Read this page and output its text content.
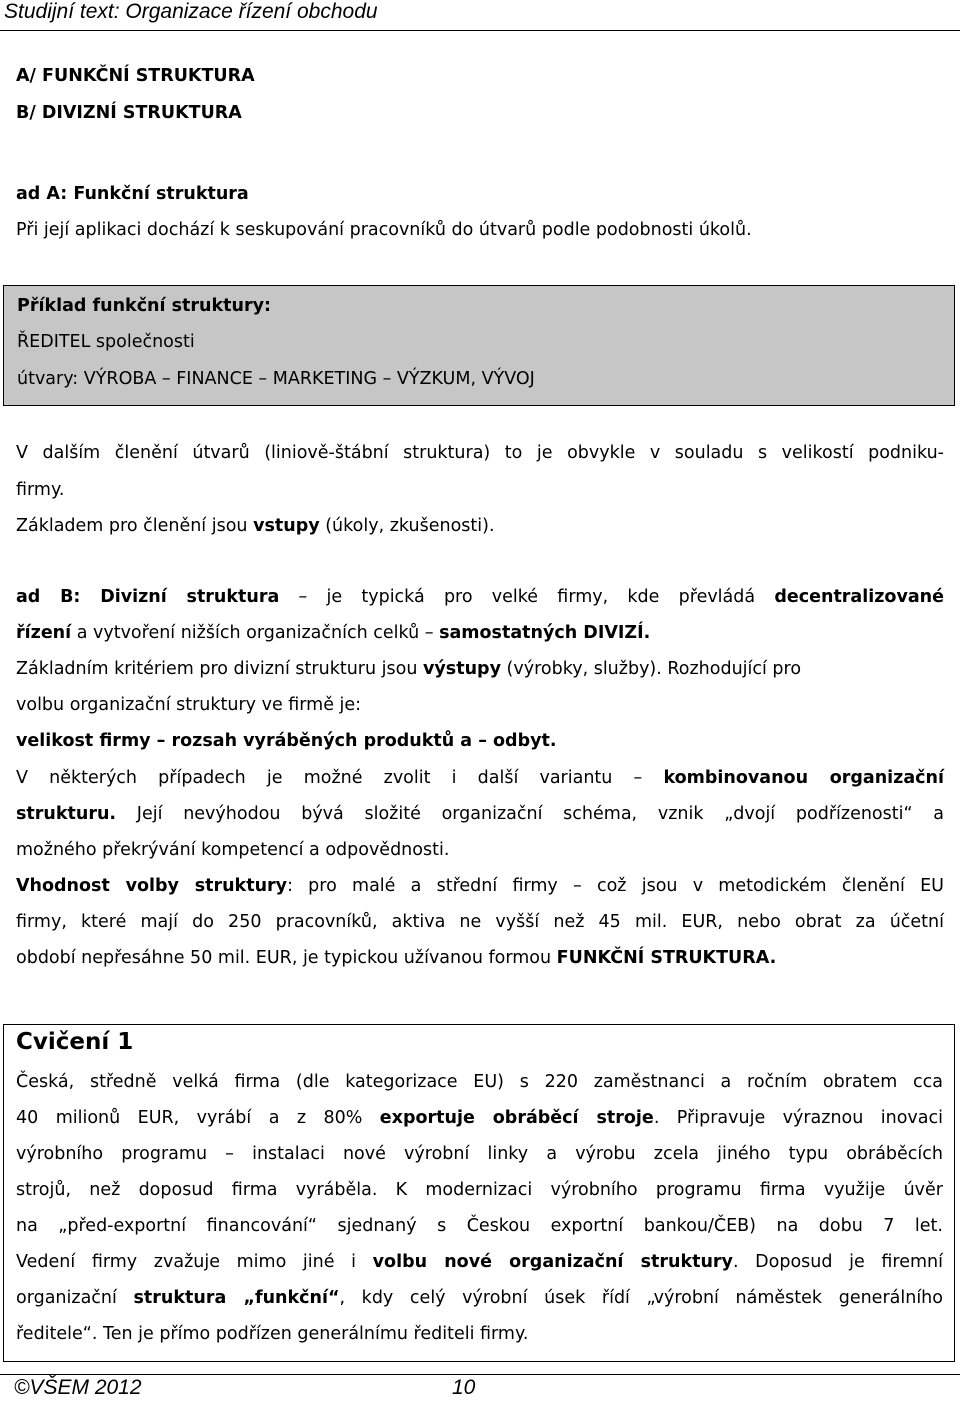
Studijní text: Organizace řízení obchodu
A/ FUNKČNÍ STRUKTURA
B/ DIVIZNÍ STRUKTURA
ad A: Funkční struktura
Při její aplikaci dochází k seskupování pracovníků do útvarů podle podobnosti úkolů.
Příklad funkční struktury:
ŘEDITEL společnosti
útvary: VÝROBA – FINANCE – MARKETING – VÝZKUM, VÝVOJ
V dalším členění útvarů (liniově-štábní struktura) to je obvykle v souladu s velikostí podniku-
firmy.
Základem pro členění jsou vstupy (úkoly, zkušenosti).
ad B: Divizní struktura – je typická pro velké firmy, kde převládá decentralizované
řízení a vytvoření nižších organizačních celků – samostatných DIVIZÍ.
Základním kritériem pro divizní strukturu jsou výstupy (výrobky, služby). Rozhodující pro
volbu organizační struktury ve firmě je:
velikost firmy – rozsah vyráběných produktů a – odbyt.
V některých případech je možné zvolit i další variantu – kombinovanou organizační
strukturu. Její nevýhodou bývá složité organizační schéma, vznik „dvojí podřízenosti“ a
možného překrývání kompetencí a odpovědnosti.
Vhodnost volby struktury: pro malé a střední firmy – což jsou v metodickém členění EU
firmy, které mají do 250 pracovníků, aktiva ne vyšší než 45 mil. EUR, nebo obrat za účetní
období nepřesáhne 50 mil. EUR, je typickou užívanou formou FUNKČNÍ STRUKTURA.
Cvičení 1
Česká, středně velká firma (dle kategorizace EU) s 220 zaměstnanci a ročním obratem cca
40 milionů EUR, vyrábí a z 80% exportuje obráběcí stroje. Připravuje výraznou inovaci
výrobního programu – instalaci nové výrobní linky a výrobu zcela jiného typu obráběcích
strojů, než doposud firma vyráběla. K modernizaci výrobního programu firma využije úvěr
na „před-exportní financování“ sjednaný s Českou exportní bankou/ČEB) na dobu 7 let.
Vedení firmy zvažuje mimo jiné i volbu nové organizační struktury. Doposud je firemní
organizační struktura „funkční“, kdy celý výrobní úsek řídí „výrobní náměstek generálního
ředitele“. Ten je přímo podřízen generálnímu řediteli firmy.
©VŠEM 2012	10
